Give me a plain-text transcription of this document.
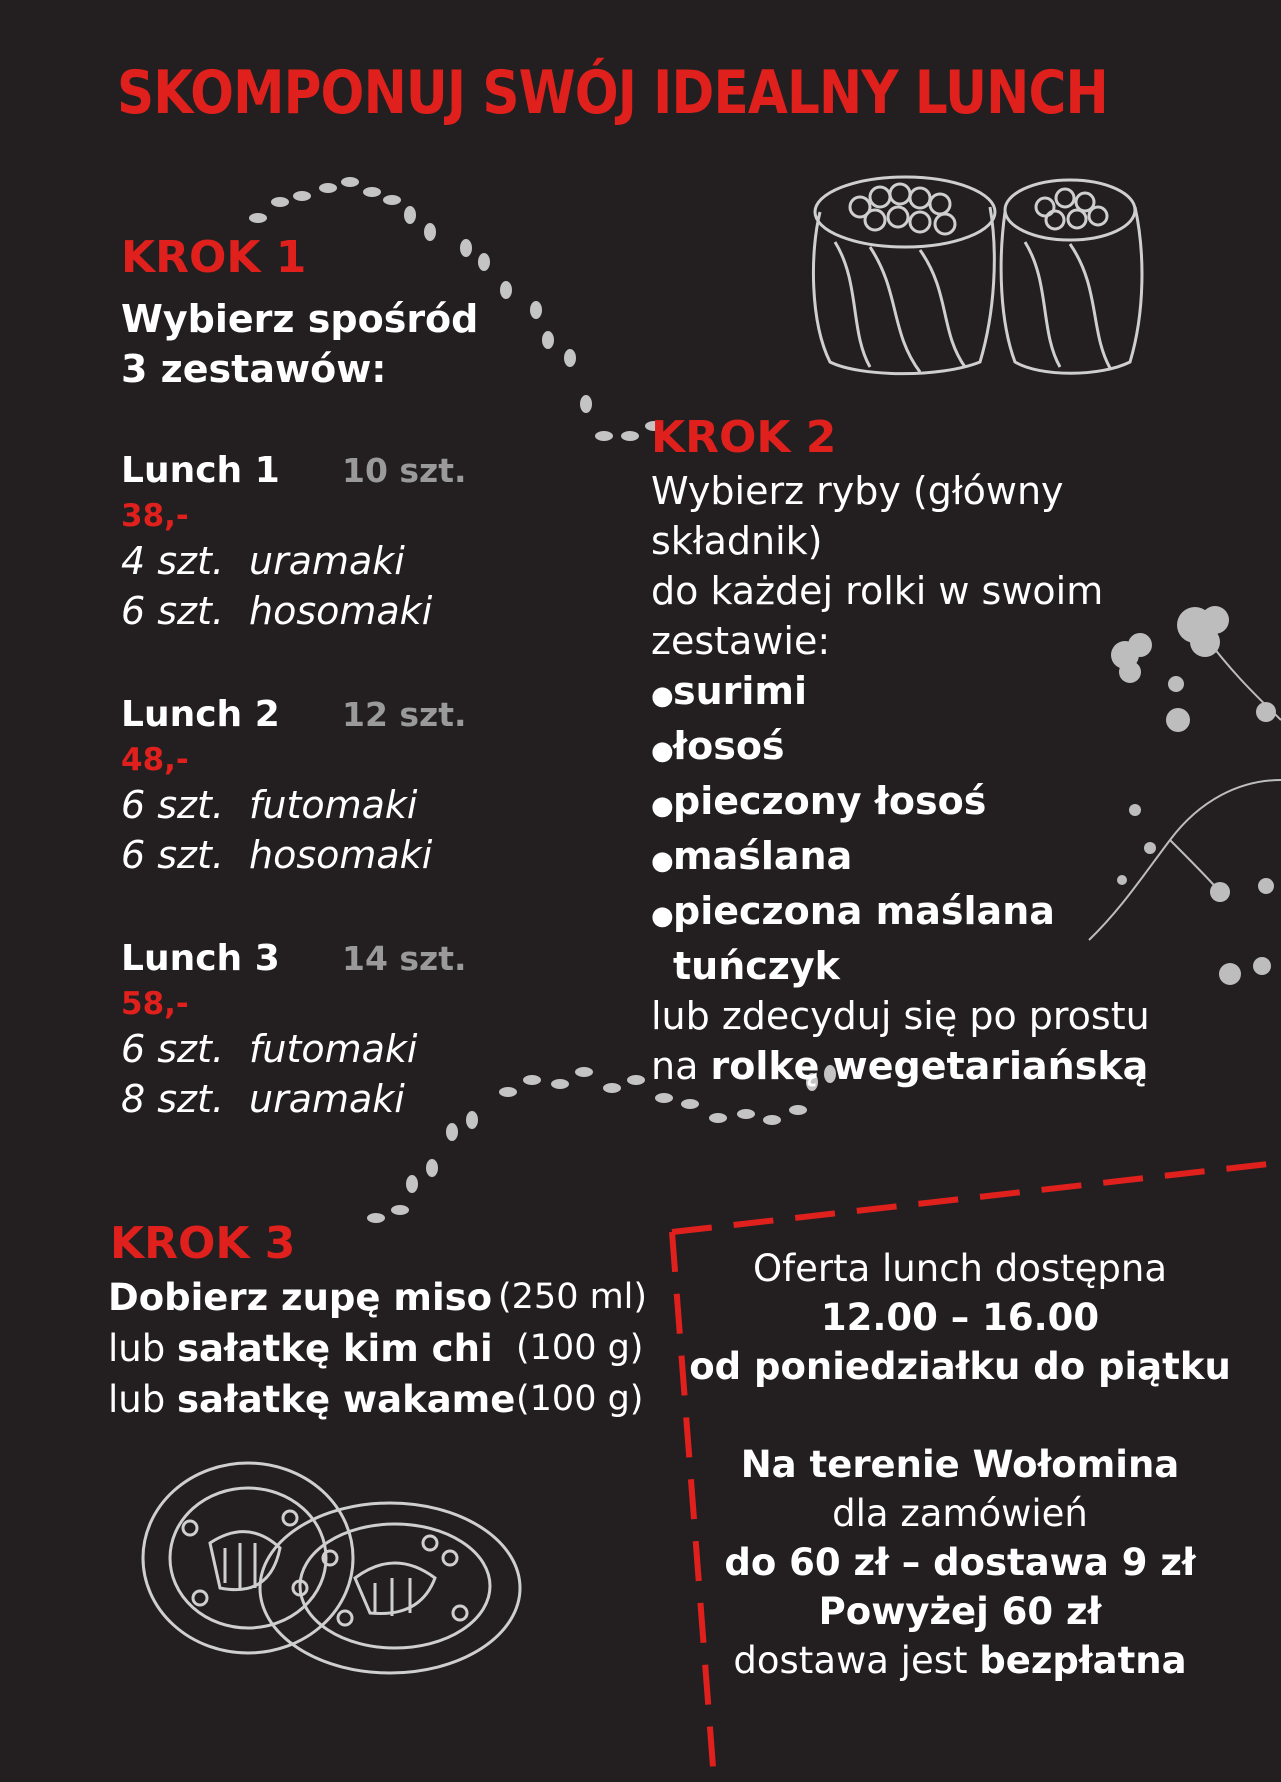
SKOMPONUJ SWÓJ IDEALNY LUNCH
KROK 1
Wybierz spośród
3 zestawów:
Lunch 1 10 szt.
38,-
4 szt. uramaki
6 szt. hosomaki
Lunch 2 12 szt.
48,-
6 szt. futomaki
6 szt. hosomaki
Lunch 3 14 szt.
58,-
6 szt. futomaki
8 szt. uramaki
KROK 2
Wybierz ryby (główny
składnik)
do każdej rolki w swoim
zestawie:
●surimi
●łosoś
●pieczony łosoś
●maślana
●pieczona maślana
tuńczyk
lub zdecyduj się po prostu
na rolkę wegetariańską
KROK 3
Dobierz zupę miso (250 ml)
lub sałatkę kim chi (100 g)
lub sałatkę wakame (100 g)
Oferta lunch dostępna
12.00 – 16.00
od poniedziałku do piątku
Na terenie Wołomina
dla zamówień
do 60 zł – dostawa 9 zł
Powyżej 60 zł
dostawa jest bezpłatna
